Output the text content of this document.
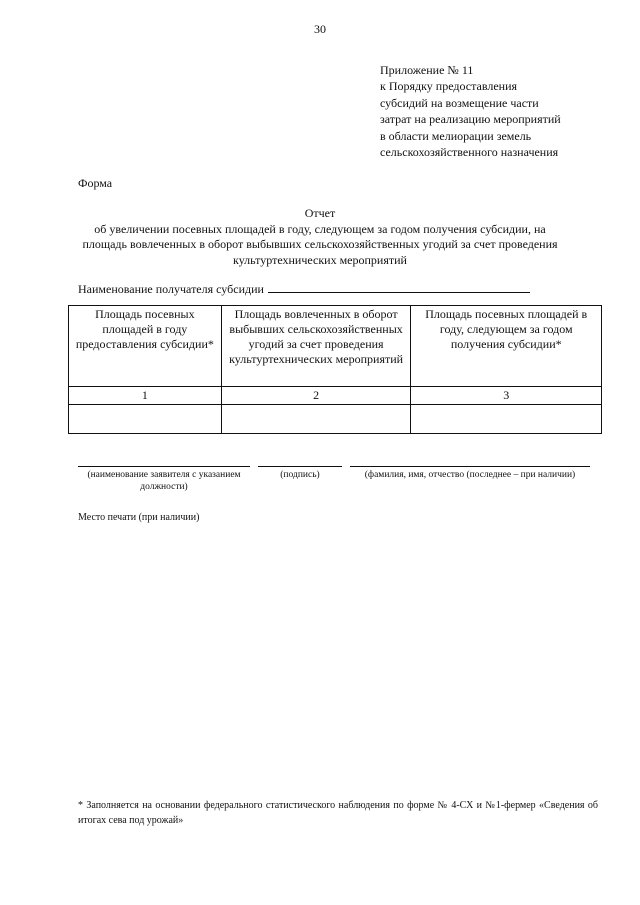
30
Приложение № 11
к Порядку предоставления
субсидий на возмещение части
затрат на реализацию мероприятий
в области мелиорации земель
сельскохозяйственного назначения
Форма
Отчет
об увеличении посевных площадей в году, следующем за годом получения субсидии, на
площадь вовлеченных в оборот выбывших сельскохозяйственных угодий за счет проведения
культуртехнических мероприятий
Наименование получателя субсидии
Площадь посевных площадей в году предоставления субсидии*	Площадь вовлеченных в оборот выбывших сельскохозяйственных угодий за счет проведения культуртехнических мероприятий	Площадь посевных площадей в году, следующем за годом получения субсидии*
1	2	3

(наименование заявителя с указанием должности)
(подпись)	(фамилия, имя, отчество (последнее – при наличии)
Место печати (при наличии)
* Заполняется на основании федерального статистического наблюдения по форме № 4-СХ и №1-фермер «Сведения об итогах сева под урожай»
